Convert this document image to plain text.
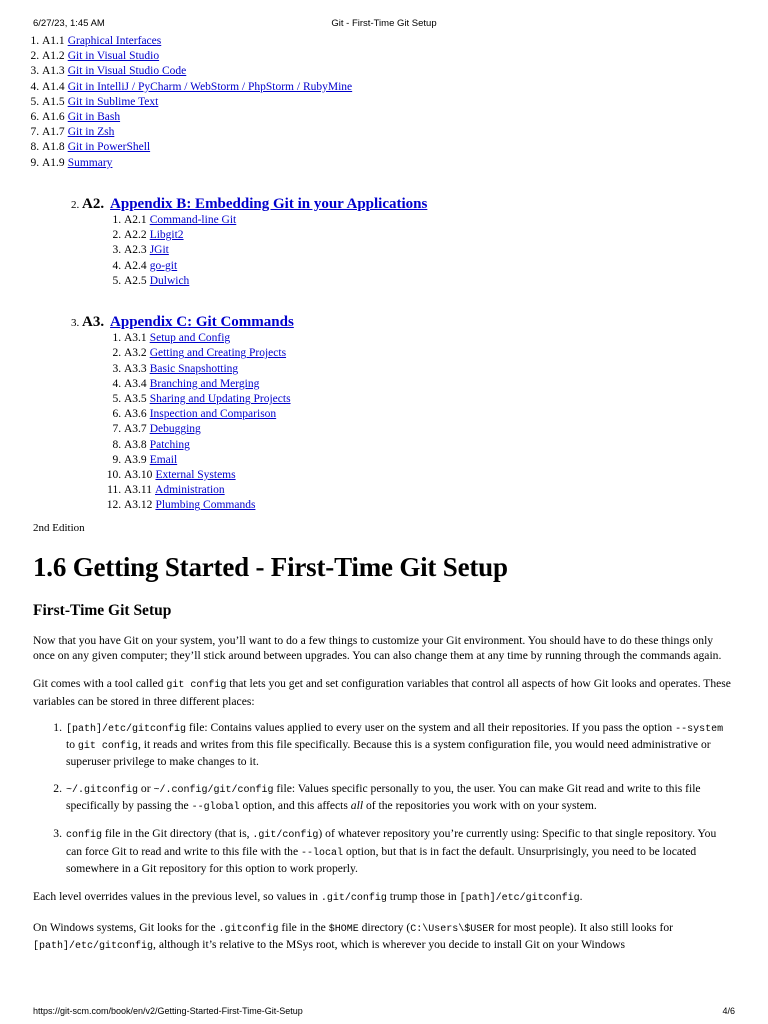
6/27/23, 1:45 AM	Git - First-Time Git Setup
1. A1.1 Graphical Interfaces
2. A1.2 Git in Visual Studio
3. A1.3 Git in Visual Studio Code
4. A1.4 Git in IntelliJ / PyCharm / WebStorm / PhpStorm / RubyMine
5. A1.5 Git in Sublime Text
6. A1.6 Git in Bash
7. A1.7 Git in Zsh
8. A1.8 Git in PowerShell
9. A1.9 Summary
2. A2. Appendix B: Embedding Git in your Applications
1. A2.1 Command-line Git
2. A2.2 Libgit2
3. A2.3 JGit
4. A2.4 go-git
5. A2.5 Dulwich
3. A3. Appendix C: Git Commands
1. A3.1 Setup and Config
2. A3.2 Getting and Creating Projects
3. A3.3 Basic Snapshotting
4. A3.4 Branching and Merging
5. A3.5 Sharing and Updating Projects
6. A3.6 Inspection and Comparison
7. A3.7 Debugging
8. A3.8 Patching
9. A3.9 Email
10. A3.10 External Systems
11. A3.11 Administration
12. A3.12 Plumbing Commands
2nd Edition
1.6 Getting Started - First-Time Git Setup
First-Time Git Setup

Now that you have Git on your system, you’ll want to do a few things to customize your Git environment. You should have to do these things only once on any given computer; they’ll stick around between upgrades. You can also change them at any time by running through the commands again.

Git comes with a tool called git config that lets you get and set configuration variables that control all aspects of how Git looks and operates. These variables can be stored in three different places:

[path]/etc/gitconfig file: Contains values applied to every user on the system and all their repositories. If you pass the option --system to git config, it reads and writes from this file specifically. Because this is a system configuration file, you would need administrative or superuser privilege to make changes to it.
~/.gitconfig or ~/.config/git/config file: Values specific personally to you, the user. You can make Git read and write to this file specifically by passing the --global option, and this affects all of the repositories you work with on your system.
config file in the Git directory (that is, .git/config) of whatever repository you’re currently using: Specific to that single repository. You can force Git to read and write to this file with the --local option, but that is in fact the default. Unsurprisingly, you need to be located somewhere in a Git repository for this option to work properly.

Each level overrides values in the previous level, so values in .git/config trump those in [path]/etc/gitconfig.

On Windows systems, Git looks for the .gitconfig file in the $HOME directory (C:\Users\$USER for most people). It also still looks for [path]/etc/gitconfig, although it’s relative to the MSys root, which is wherever you decide to install Git on your Windows

https://git-scm.com/book/en/v2/Getting-Started-First-Time-Git-Setup	4/6
